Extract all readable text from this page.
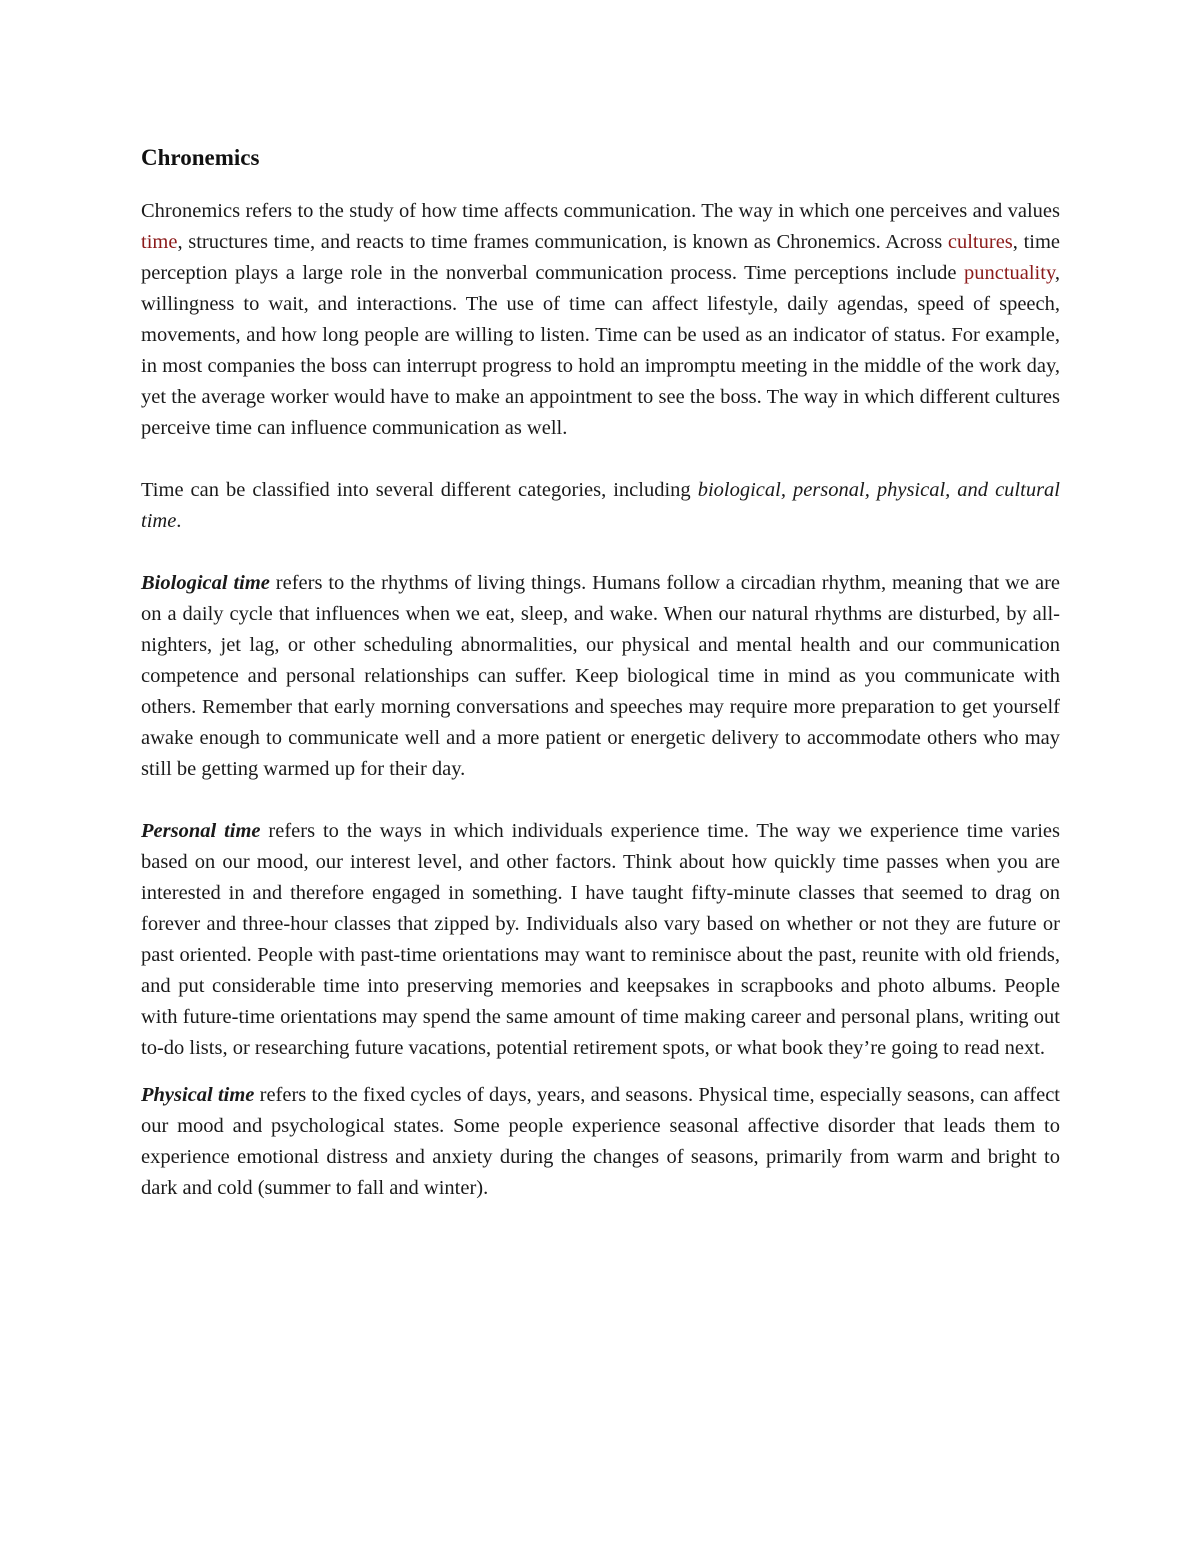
Chronemics

Chronemics refers to the study of how time affects communication. The way in which one perceives and values time, structures time, and reacts to time frames communication, is known as Chronemics. Across cultures, time perception plays a large role in the nonverbal communication process. Time perceptions include punctuality, willingness to wait, and interactions. The use of time can affect lifestyle, daily agendas, speed of speech, movements, and how long people are willing to listen. Time can be used as an indicator of status. For example, in most companies the boss can interrupt progress to hold an impromptu meeting in the middle of the work day, yet the average worker would have to make an appointment to see the boss. The way in which different cultures perceive time can influence communication as well.

Time can be classified into several different categories, including biological, personal, physical, and cultural time.

Biological time refers to the rhythms of living things. Humans follow a circadian rhythm, meaning that we are on a daily cycle that influences when we eat, sleep, and wake. When our natural rhythms are disturbed, by all-nighters, jet lag, or other scheduling abnormalities, our physical and mental health and our communication competence and personal relationships can suffer. Keep biological time in mind as you communicate with others. Remember that early morning conversations and speeches may require more preparation to get yourself awake enough to communicate well and a more patient or energetic delivery to accommodate others who may still be getting warmed up for their day.

Personal time refers to the ways in which individuals experience time. The way we experience time varies based on our mood, our interest level, and other factors. Think about how quickly time passes when you are interested in and therefore engaged in something. I have taught fifty-minute classes that seemed to drag on forever and three-hour classes that zipped by. Individuals also vary based on whether or not they are future or past oriented. People with past-time orientations may want to reminisce about the past, reunite with old friends, and put considerable time into preserving memories and keepsakes in scrapbooks and photo albums. People with future-time orientations may spend the same amount of time making career and personal plans, writing out to-do lists, or researching future vacations, potential retirement spots, or what book they’re going to read next.

Physical time refers to the fixed cycles of days, years, and seasons. Physical time, especially seasons, can affect our mood and psychological states. Some people experience seasonal affective disorder that leads them to experience emotional distress and anxiety during the changes of seasons, primarily from warm and bright to dark and cold (summer to fall and winter).
